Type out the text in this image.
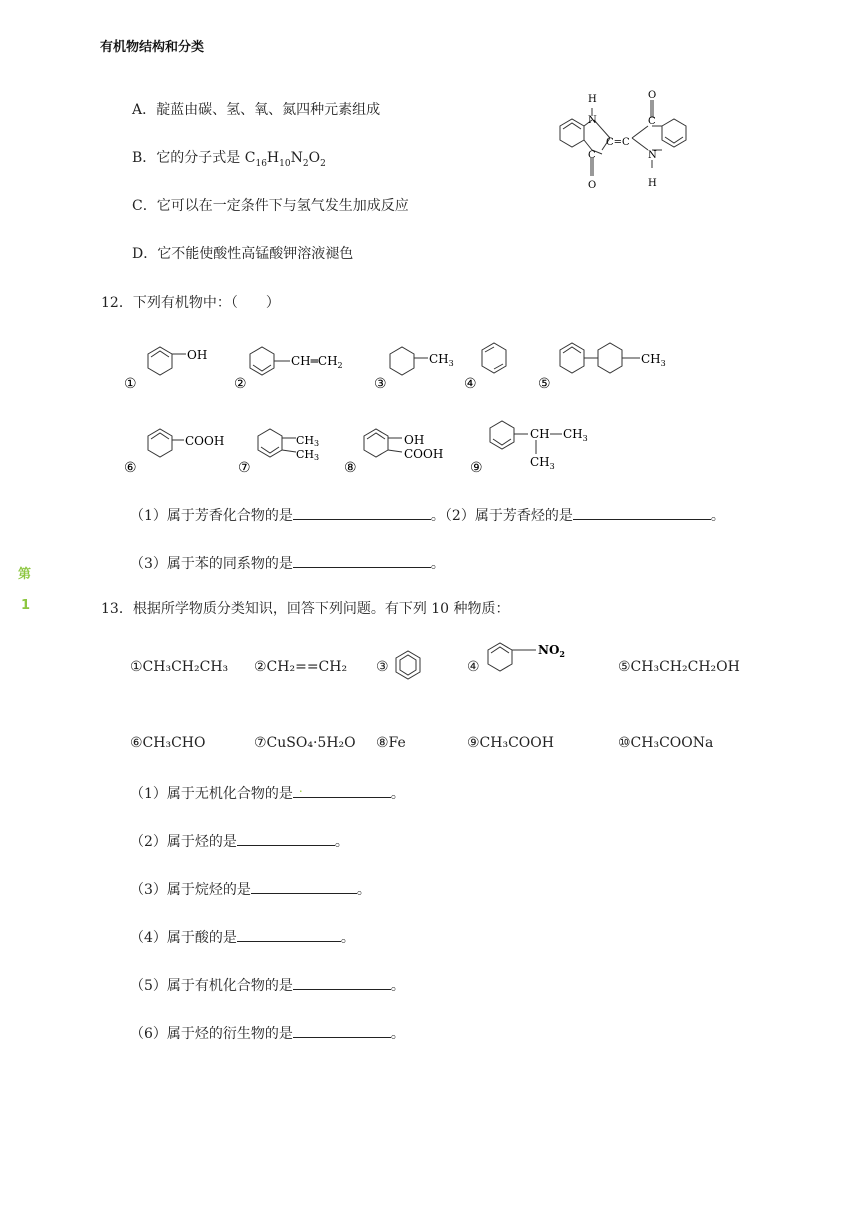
有机物结构和分类
第
1
A．靛蓝由碳、氢、氧、氮四种元素组成
B．它的分子式是 $C_{16}H_{10}N_2O_2$
C．它可以在一定条件下与氢气发生加成反应
D．它不能使酸性高锰酸钾溶液褪色
H
N
C=C
O
O
C
N
H
C
12．下列有机物中：（　　）
①
OH
②
$CH═CH_2$
③
$CH_3$
④	⑤
$CH_3$
⑥
COOH
⑦
CH3
CH3
⑧
OH
COOH
⑨
CH $CH_3$
$CH_3$
（1）属于芳香化合物的是	。（2）属于芳香烃的是	。
（3）属于苯的同系物的是	。
13．根据所学物质分类知识，回答下列问题。有下列 10 种物质：
①CH₃CH₂CH₃ ②CH₂==CH₂ ③	④
$NO_2$
⑤CH₃CH₂CH₂OH
⑥CH₃CHO	⑦CuSO₄·5H₂O ⑧Fe	⑨CH₃COOH	⑩CH₃COONa
（1）属于无机化合物的是 .	。
（2）属于烃的是	。
（3）属于烷烃的是	。
（4）属于酸的是	。
（5）属于有机化合物的是	。
（6）属于烃的衍生物的是	。
